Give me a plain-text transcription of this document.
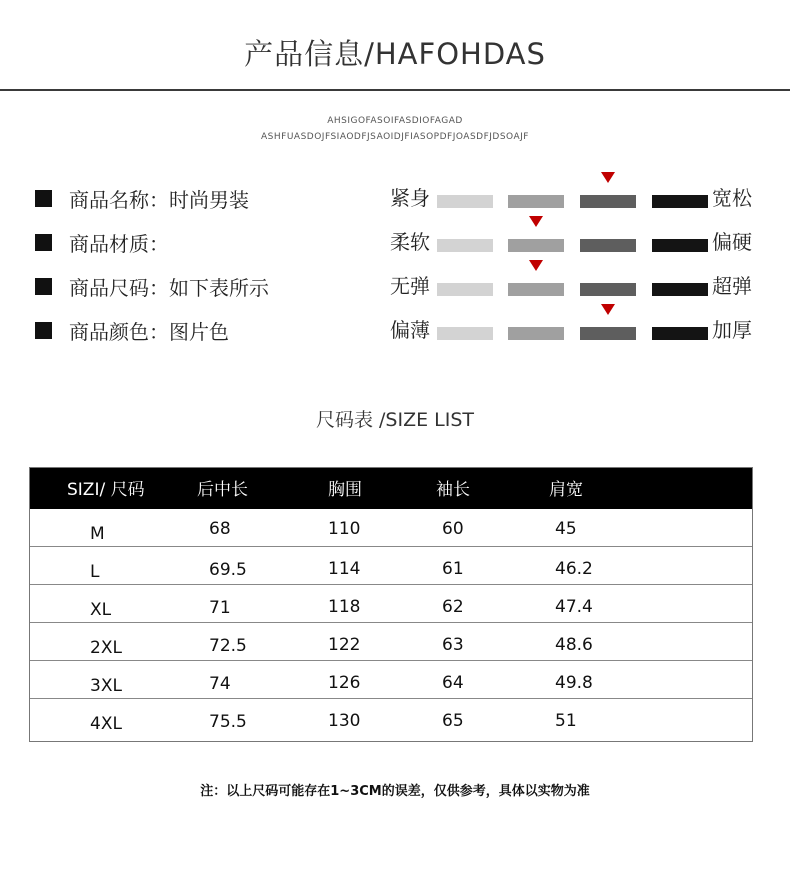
产品信息/HAFOHDAS
AHSIGOFASOIFASDIOFAGAD
ASHFUASDOJFSIAODFJSAOIDJFIASOPDFJOASDFJDSOAJF
商品名称：时尚男装
商品材质：
商品尺码：如下表所示
商品颜色：图片色
紧身	宽松
柔软	偏硬
无弹	超弹
偏薄	加厚
尺码表 /SIZE LIST
SIZI/ 尺码	后中长	胸围	袖长	肩宽
M	68	110	60	45
L	69.5	114	61	46.2
XL	71	118	62	47.4
2XL	72.5	122	63	48.6
3XL	74	126	64	49.8
4XL	75.5	130	65	51
注：以上尺码可能存在1~3CM的误差，仅供参考，具体以实物为准
